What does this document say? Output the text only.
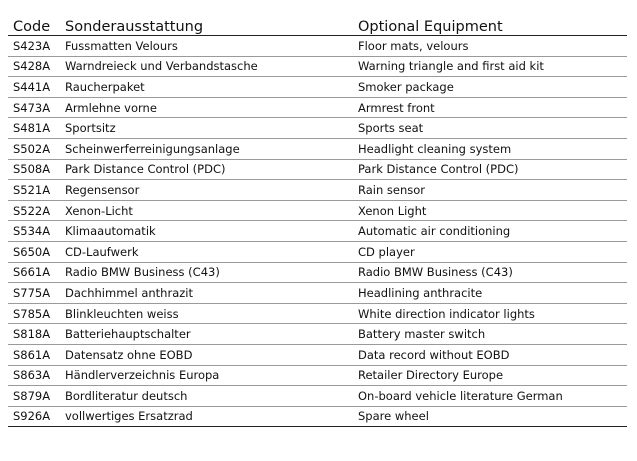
Code	Sonderausstattung	Optional Equipment
S423A	Fussmatten Velours	Floor mats, velours
S428A	Warndreieck und Verbandstasche	Warning triangle and first aid kit
S441A	Raucherpaket	Smoker package
S473A	Armlehne vorne	Armrest front
S481A	Sportsitz	Sports seat
S502A	Scheinwerferreinigungsanlage	Headlight cleaning system
S508A	Park Distance Control (PDC)	Park Distance Control (PDC)
S521A	Regensensor	Rain sensor
S522A	Xenon-Licht	Xenon Light
S534A	Klimaautomatik	Automatic air conditioning
S650A	CD-Laufwerk	CD player
S661A	Radio BMW Business (C43)	Radio BMW Business (C43)
S775A	Dachhimmel anthrazit	Headlining anthracite
S785A	Blinkleuchten weiss	White direction indicator lights
S818A	Batteriehauptschalter	Battery master switch
S861A	Datensatz ohne EOBD	Data record without EOBD
S863A	Händlerverzeichnis Europa	Retailer Directory Europe
S879A	Bordliteratur deutsch	On-board vehicle literature German
S926A	vollwertiges Ersatzrad	Spare wheel
